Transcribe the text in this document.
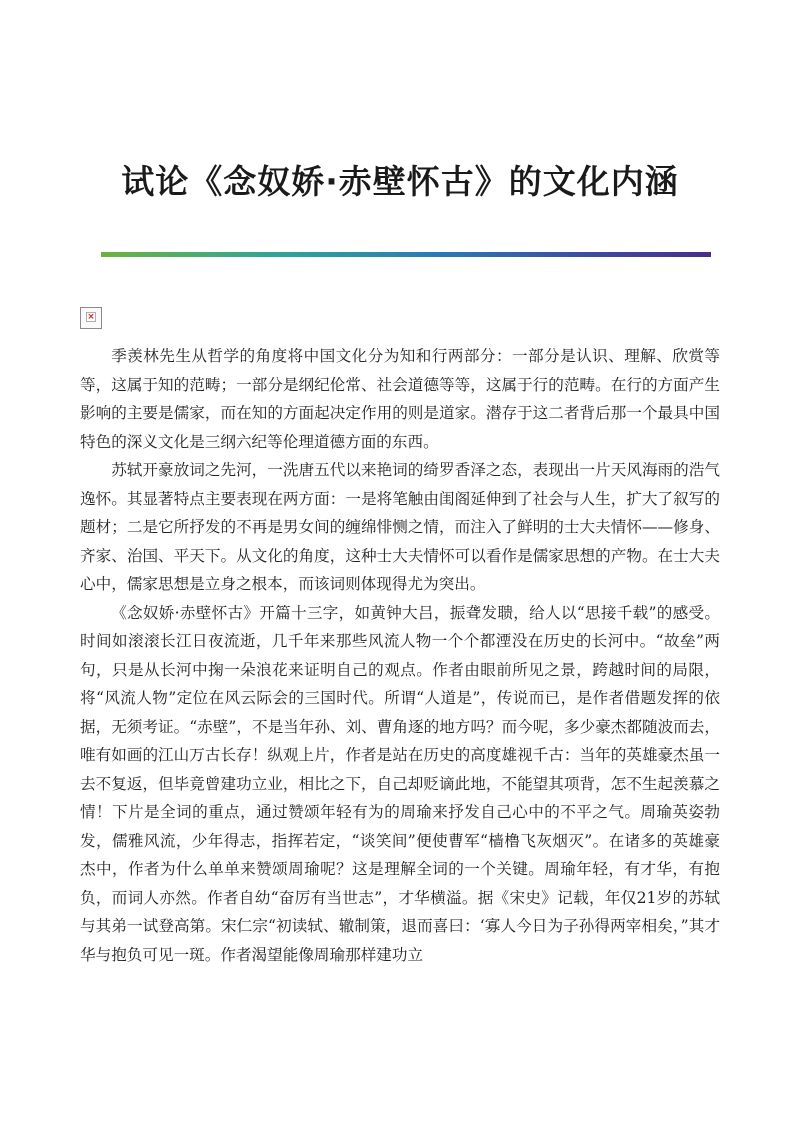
试论《念奴娇·赤壁怀古》的文化内涵
×

季羡林先生从哲学的角度将中国文化分为知和行两部分：一部分是认识、理解、欣赏等等，这属于知的范畴；一部分是纲纪伦常、社会道德等等，这属于行的范畴。在行的方面产生影响的主要是儒家，而在知的方面起决定作用的则是道家。潜存于这二者背后那一个最具中国特色的深义文化是三纲六纪等伦理道德方面的东西。

苏轼开豪放词之先河，一洗唐五代以来艳词的绮罗香泽之态，表现出一片天风海雨的浩气逸怀。其显著特点主要表现在两方面：一是将笔触由闺阁延伸到了社会与人生，扩大了叙写的题材；二是它所抒发的不再是男女间的缠绵悱恻之情，而注入了鲜明的士大夫情怀——修身、齐家、治国、平天下。从文化的角度，这种士大夫情怀可以看作是儒家思想的产物。在士大夫心中，儒家思想是立身之根本，而该词则体现得尤为突出。

《念奴娇·赤壁怀古》开篇十三字，如黄钟大吕，振聋发聩，给人以“思接千载”的感受。时间如滚滚长江日夜流逝，几千年来那些风流人物一个个都湮没在历史的长河中。“故垒”两句，只是从长河中掬一朵浪花来证明自己的观点。作者由眼前所见之景，跨越时间的局限，将“风流人物”定位在风云际会的三国时代。所谓“人道是”，传说而已，是作者借题发挥的依据，无须考证。“赤壁”，不是当年孙、刘、曹角逐的地方吗？而今呢，多少豪杰都随波而去，唯有如画的江山万古长存！纵观上片，作者是站在历史的高度雄视千古：当年的英雄豪杰虽一去不复返，但毕竟曾建功立业，相比之下，自己却贬谪此地，不能望其项背，怎不生起羡慕之情！下片是全词的重点，通过赞颂年轻有为的周瑜来抒发自己心中的不平之气。周瑜英姿勃发，儒雅风流，少年得志，指挥若定，“谈笑间”便使曹军“樯橹飞灰烟灭”。在诸多的英雄豪杰中，作者为什么单单来赞颂周瑜呢？这是理解全词的一个关键。周瑜年轻，有才华，有抱负，而词人亦然。作者自幼“奋厉有当世志”，才华横溢。据《宋史》记载，年仅21岁的苏轼与其弟一试登高第。宋仁宗“初读轼、辙制策，退而喜曰：‘寡人今日为子孙得两宰相矣，”其才华与抱负可见一斑。作者渴望能像周瑜那样建功立
